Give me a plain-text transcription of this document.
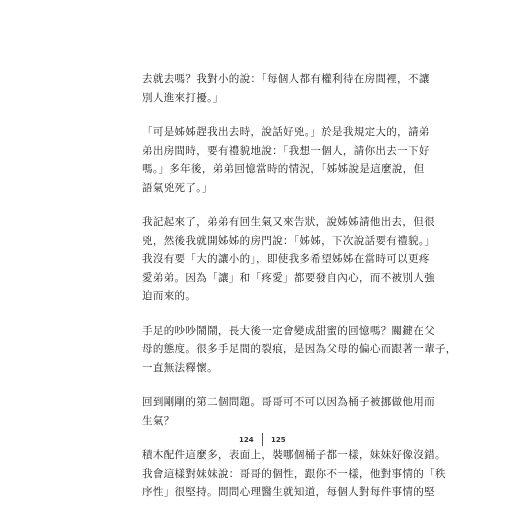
去就去嗎？我對小的說：「每個人都有權利待在房間裡，不讓
別人進來打擾。」

「可是姊姊趕我出去時，說話好兇。」於是我規定大的，請弟
弟出房間時，要有禮貌地說：「我想一個人，請你出去一下好
嗎。」多年後，弟弟回憶當時的情況，「姊姊說是這麼說，但
語氣兇死了。」

我記起來了，弟弟有回生氣又來告狀，說姊姊請他出去，但很
兇，然後我就開姊姊的房門說：「姊姊，下次說話要有禮貌。」
我沒有要「大的讓小的」，即使我多希望姊姊在當時可以更疼
愛弟弟。因為「讓」和「疼愛」都要發自內心，而不被別人強
迫而來的。

手足的吵吵鬧鬧，長大後一定會變成甜蜜的回憶嗎？關鍵在父
母的態度。很多手足間的裂痕，是因為父母的偏心而跟著一輩子，
一直無法釋懷。

回到剛剛的第二個問題。哥哥可不可以因為桶子被挪做他用而
生氣？

積木配件這麼多，表面上，裝哪個桶子都一樣，妹妹好像沒錯。
我會這樣對妹妹說：哥哥的個性，跟你不一樣，他對事情的「秩
序性」很堅持。問問心理醫生就知道，每個人對每件事情的堅

124 125
